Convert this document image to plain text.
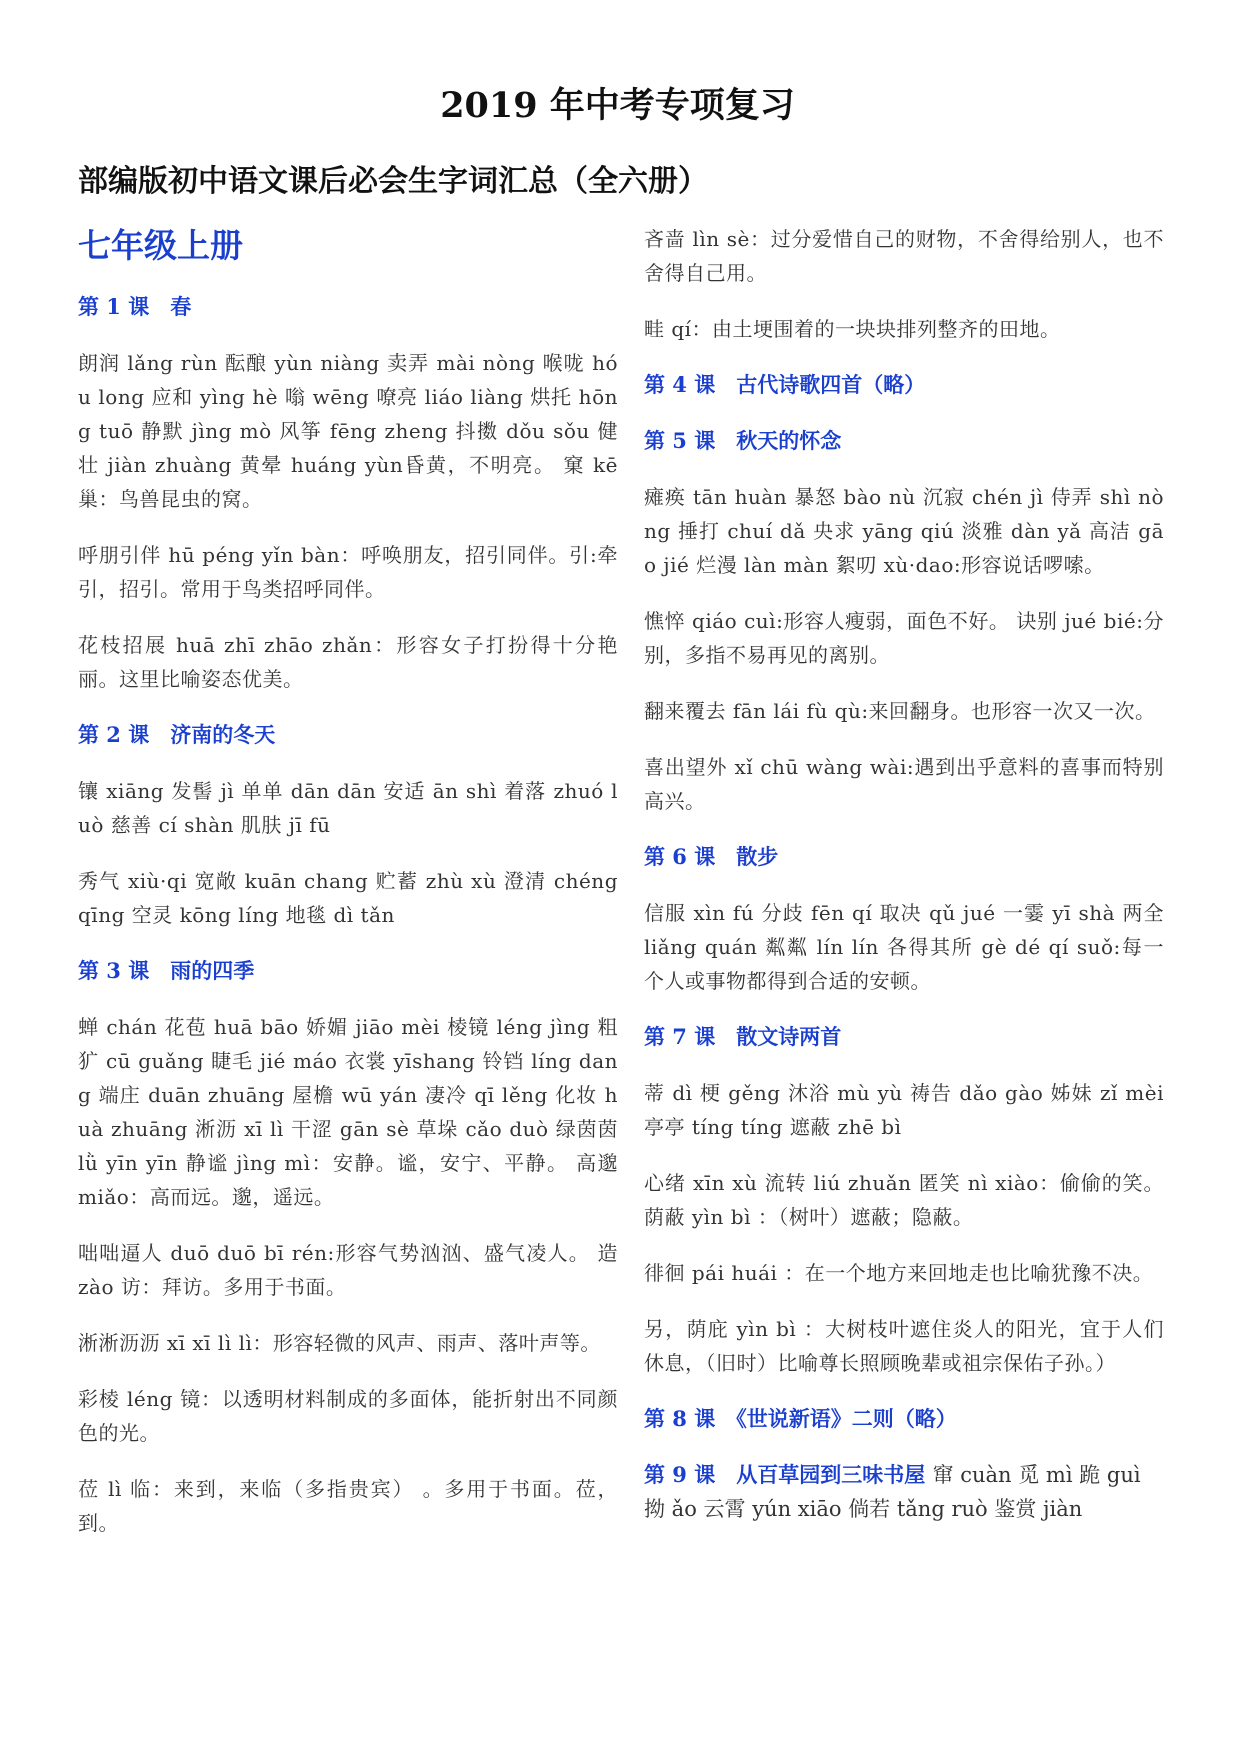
2019 年中考专项复习
部编版初中语文课后必会生字词汇总（全六册）
七年级上册
第 1 课　春
朗润 lǎng rùn 酝酿 yùn niàng 卖弄 mài nòng 喉咙 hóu long 应和 yìng hè 嗡 wēng 嘹亮 liáo liàng 烘托 hōng tuō 静默 jìng mò 风筝 fēng zheng 抖擞 dǒu sǒu 健壮 jiàn zhuàng 黄晕 huáng yùn昏黄，不明亮。 窠 kē 巢：鸟兽昆虫的窝。
呼朋引伴 hū péng yǐn bàn：呼唤朋友，招引同伴。引:牵引，招引。常用于鸟类招呼同伴。
花枝招展 huā zhī zhāo zhǎn：形容女子打扮得十分艳丽。这里比喻姿态优美。
第 2 课　济南的冬天
镶 xiāng 发髻 jì 单单 dān dān 安适 ān shì 着落 zhuó luò 慈善 cí shàn 肌肤 jī fū
秀气 xiù·qi 宽敞 kuān chang 贮蓄 zhù xù 澄清 chéng qīng 空灵 kōng líng 地毯 dì tǎn
第 3 课　雨的四季
蝉 chán 花苞 huā bāo 娇媚 jiāo mèi 棱镜 léng jìng 粗犷 cū guǎng 睫毛 jié máo 衣裳 yīshang 铃铛 líng dang 端庄 duān zhuāng 屋檐 wū yán 凄冷 qī lěng 化妆 huà zhuāng 淅沥 xī lì 干涩 gān sè 草垛 cǎo duò 绿茵茵 lǜ yīn yīn 静谧 jìng mì：安静。谧，安宁、平静。 高邈 miǎo：高而远。邈，遥远。
咄咄逼人 duō duō bī rén:形容气势汹汹、盛气凌人。 造 zào 访：拜访。多用于书面。
淅淅沥沥 xī xī lì lì：形容轻微的风声、雨声、落叶声等。
彩棱 léng 镜：以透明材料制成的多面体，能折射出不同颜色的光。
莅 lì 临：来到，来临（多指贵宾） 。多用于书面。莅，到。
吝啬 lìn sè：过分爱惜自己的财物，不舍得给别人，也不舍得自己用。
畦 qí：由土埂围着的一块块排列整齐的田地。
第 4 课　古代诗歌四首（略）
第 5 课　秋天的怀念
瘫痪 tān huàn 暴怒 bào nù 沉寂 chén jì 侍弄 shì nòng 捶打 chuí dǎ 央求 yāng qiú 淡雅 dàn yǎ 高洁 gāo jié 烂漫 làn màn 絮叨 xù·dao:形容说话啰嗦。
憔悴 qiáo cuì:形容人瘦弱，面色不好。 诀别 jué bié:分别，多指不易再见的离别。
翻来覆去 fān lái fù qù:来回翻身。也形容一次又一次。
喜出望外 xǐ chū wàng wài:遇到出乎意料的喜事而特别高兴。
第 6 课　散步
信服 xìn fú 分歧 fēn qí 取决 qǔ jué 一霎 yī shà 两全 liǎng quán 粼粼 lín lín 各得其所 gè dé qí suǒ:每一个人或事物都得到合适的安顿。
第 7 课　散文诗两首
蒂 dì 梗 gěng 沐浴 mù yù 祷告 dǎo gào 姊妹 zǐ mèi 亭亭 tíng tíng 遮蔽 zhē bì
心绪 xīn xù 流转 liú zhuǎn 匿笑 nì xiào：偷偷的笑。荫蔽 yìn bì ：（树叶）遮蔽；隐蔽。
徘徊 pái huái ：在一个地方来回地走也比喻犹豫不决。
另，荫庇 yìn bì ：大树枝叶遮住炎人的阳光，宜于人们休息，（旧时）比喻尊长照顾晚辈或祖宗保佑子孙。）
第 8 课　《世说新语》二则（略）
第 9 课　从百草园到三味书屋 窜 cuàn 觅 mì 跪 guì 拗 ǎo 云霄 yún xiāo 倘若 tǎng ruò 鉴赏 jiàn
